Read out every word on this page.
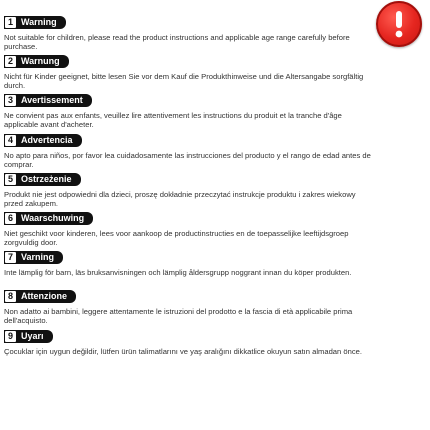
1 Warning

Not suitable for children, please read the product instructions and applicable age range carefully before purchase.

2 Warnung

Nicht für Kinder geeignet, bitte lesen Sie vor dem Kauf die Produkthinweise und die Altersangabe sorgfältig durch.

3 Avertissement

Ne convient pas aux enfants, veuillez lire attentivement les instructions du produit et la tranche d'âge applicable avant d'acheter.

4 Advertencia

No apto para niños, por favor lea cuidadosamente las instrucciones del producto y el rango de edad antes de comprar.

5 Ostrzeżenie

Produkt nie jest odpowiedni dla dzieci, proszę dokładnie przeczytać instrukcje produktu i zakres wiekowy przed zakupem.

6 Waarschuwing

Niet geschikt voor kinderen, lees voor aankoop de productinstructies en de toepasselijke leeftijdsgroep zorgvuldig door.

7 Varning

Inte lämplig för barn, läs bruksanvisningen och lämplig åldersgrupp noggrant innan du köper produkten.

8 Attenzione

Non adatto ai bambini, leggere attentamente le istruzioni del prodotto e la fascia di età applicabile prima dell'acquisto.

9 Uyarı

Çocuklar için uygun değildir, lütfen ürün talimatlarını ve yaş aralığını dikkatlice okuyun satın almadan önce.
